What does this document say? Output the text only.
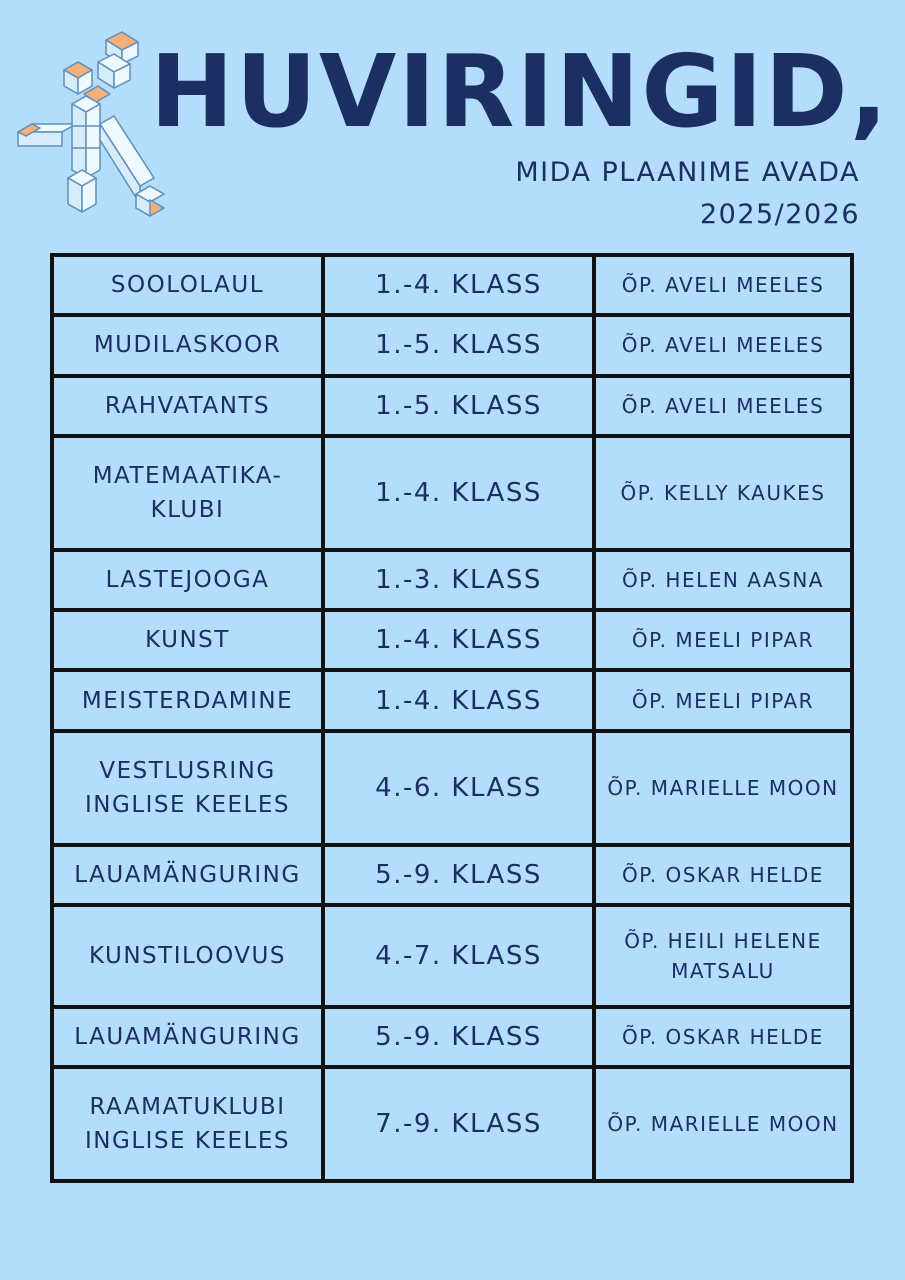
HUVIRINGID,
MIDA PLAANIME AVADA
2025/2026
SOOLOLAUL	1.-4. KLASS	ÕP. AVELI MEELES
MUDILASKOOR	1.-5. KLASS	ÕP. AVELI MEELES
RAHVATANTS	1.-5. KLASS	ÕP. AVELI MEELES
MATEMAATIKA-KLUBI	1.-4. KLASS	ÕP. KELLY KAUKES
LASTEJOOGA	1.-3. KLASS	ÕP. HELEN AASNA
KUNST	1.-4. KLASS	ÕP. MEELI PIPAR
MEISTERDAMINE	1.-4. KLASS	ÕP. MEELI PIPAR
VESTLUSRING INGLISE KEELES	4.-6. KLASS	ÕP. MARIELLE MOON
LAUAMÄNGURING	5.-9. KLASS	ÕP. OSKAR HELDE
KUNSTILOOVUS	4.-7. KLASS	ÕP. HEILI HELENE MATSALU
LAUAMÄNGURING	5.-9. KLASS	ÕP. OSKAR HELDE
RAAMATUKLUBI INGLISE KEELES	7.-9. KLASS	ÕP. MARIELLE MOON
